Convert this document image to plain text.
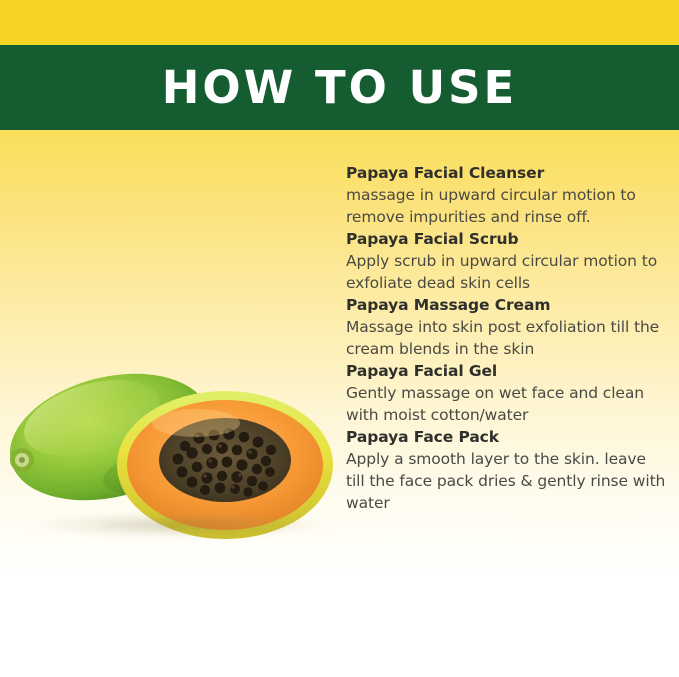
HOW TO USE
Papaya Facial Cleanser
massage in upward circular motion to remove impurities and rinse off.
Papaya Facial Scrub
Apply scrub in upward circular motion to exfoliate dead skin cells
Papaya Massage Cream
Massage into skin post exfoliation till the cream blends in the skin
Papaya Facial Gel
Gently massage on wet face and clean with moist cotton/water
Papaya Face Pack
Apply a smooth layer to the skin. leave till the face pack dries & gently rinse with water
